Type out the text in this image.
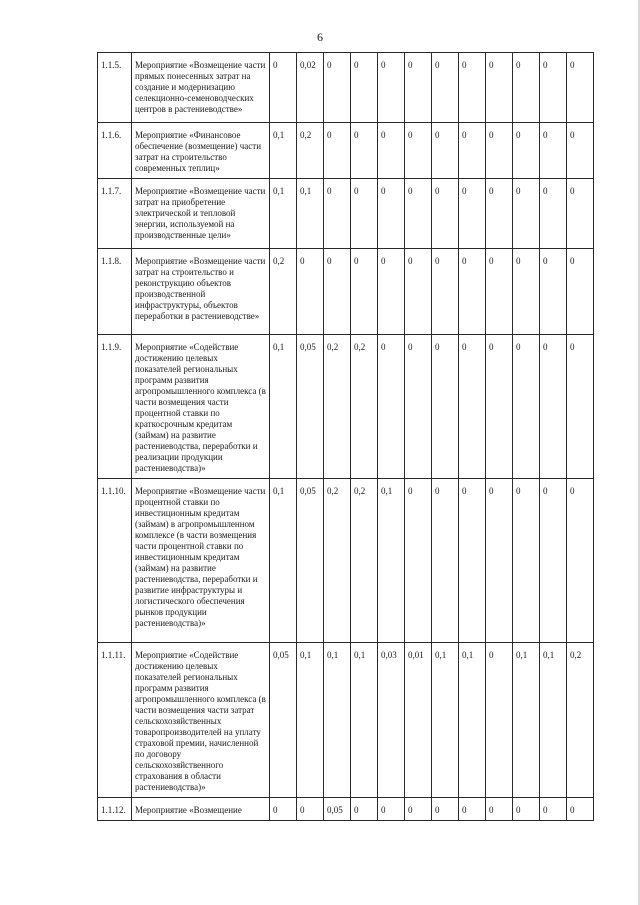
6
1.1.5.	Мероприятие «Возмещение части прямых понесенных затрат на создание и модернизацию селекционно-семеноводческих центров в растениеводстве»	0	0,02	0	0	0	0	0	0	0	0	0	0
1.1.6.	Мероприятие «Финансовое обеспечение (возмещение) части затрат на строительство современных теплиц»	0,1	0,2	0	0	0	0	0	0	0	0	0	0
1.1.7.	Мероприятие «Возмещение части затрат на приобретение электрической и тепловой энергии, используемой на производственные цели»	0,1	0,1	0	0	0	0	0	0	0	0	0	0
1.1.8.	Мероприятие «Возмещение части затрат на строительство и реконструкцию объектов производственной инфраструктуры, объектов переработки в растениеводстве»	0,2	0	0	0	0	0	0	0	0	0	0	0
1.1.9.	Мероприятие «Содействие достижению целевых показателей региональных программ развития агропромышленного комплекса (в части возмещения части процентной ставки по краткосрочным кредитам (займам) на развитие растениеводства, переработки и реализации продукции растениеводства)»	0,1	0,05	0,2	0,2	0	0	0	0	0	0	0	0
1.1.10.	Мероприятие «Возмещение части процентной ставки по инвестиционным кредитам (займам) в агропромышленном комплексе (в части возмещения части процентной ставки по инвестиционным кредитам (займам) на развитие растениеводства, переработки и развитие инфраструктуры и логистического обеспечения рынков продукции растениеводства)»	0,1	0,05	0,2	0,2	0,1	0	0	0	0	0	0	0
1.1.11.	Мероприятие «Содействие достижению целевых показателей региональных программ развития агропромышленного комплекса (в части возмещения части затрат сельскохозяйственных товаропроизводителей на уплату страховой премии, начисленной по договору сельскохозяйственного страхования в области растениеводства)»	0,05	0,1	0,1	0,1	0,03	0,01	0,1	0,1	0	0,1	0,1	0,2
1.1.12.	Мероприятие «Возмещение	0	0	0,05	0	0	0	0	0	0	0	0	0
